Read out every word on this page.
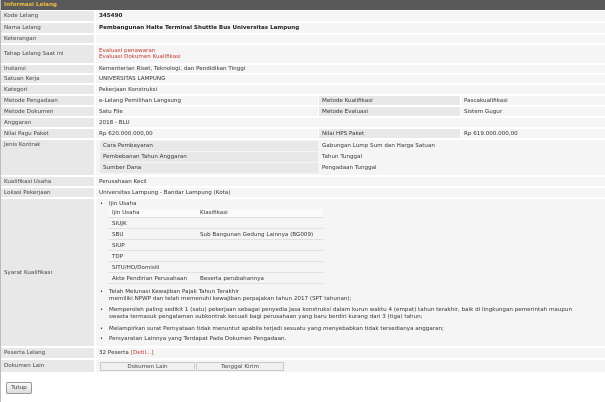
Informasi Lelang
Kode Lelang	345490
Nama Lelang	Pembangunan Halte Terminal Shuttle Bus Universitas Lampung
Keterangan
Tahap Lelang Saat ini	Evaluasi penawaran
Evaluasi Dokumen Kualifikasi
Instansi	Kementerian Riset, Teknologi, dan Pendidikan Tinggi
Satuan Kerja	UNIVERSITAS LAMPUNG
Kategori	Pekerjaan Konstruksi
Metode Pengadaan	e-Lelang Pemilihan Langsung	Metode Kualifikasi	Pascakualifikasi
Metode Dokumen	Satu File	Metode Evaluasi	Sistem Gugur
Anggaran	2018 - BLU
Nilai Pagu Paket	Rp 620.000.000,00	Nilai HPS Paket	Rp 619.000.000,00
Jenis Kontrak	Cara Pembayaran	Gabungan Lump Sum dan Harga Satuan
Pembebanan Tahun Anggaran	Tahun Tunggal
Sumber Dana	Pengadaan Tunggal
Kualifikasi Usaha	Perusahaan Kecil
Lokasi Pekerjaan	Universitas Lampung - Bandar Lampung (Kota)
Syarat Kualifikasi
• Ijin Usaha
Ijin Usaha	Klasifikasi
SIUJK
SBU	Sub Bangunan Gedung Lainnya (BG009)
SIUP
TDP
SITU/HO/Domisili
Akte Pendirian Perusahaan Beserta perubahannya
• Telah Melunasi Kewajiban Pajak Tahun Terakhir
memiliki NPWP dan telah memenuhi kewajiban perpajakan tahun 2017 (SPT tahunan);
• Memperoleh paling sedikit 1 (satu) pekerjaan sebagai penyedia Jasa konstruksi dalam kurun waktu 4 (empat) tahun terakhir, baik di lingkungan pemerintah maupun
swasta termasuk pengalaman subkontrak kecuali bagi perusahaan yang baru berdiri kurang dari 3 (tiga) tahun;
• Melampirkan surat Pernyataan tidak menuntut apabila terjadi sesuatu yang menyebabkan tidak tersedianya anggaran;
• Persyaratan Lainnya yang Terdapat Pada Dokumen Pengadaan.
Peserta Lelang	32 Peserta [Detil...]
Dokumen Lain	Dokumen Lain	Tanggal Kirim
Tutup
